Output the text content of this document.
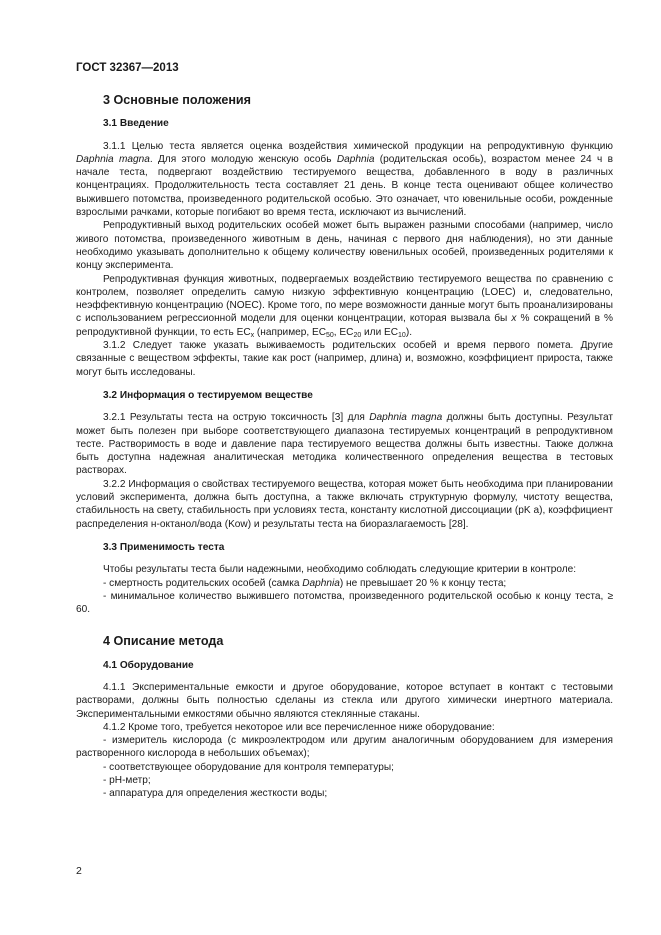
ГОСТ 32367—2013
3 Основные положения
3.1 Введение

3.1.1 Целью теста является оценка воздействия химической продукции на репродуктивную функцию Daphnia magna. Для этого молодую женскую особь Daphnia (родительская особь), возрастом менее 24 ч в начале теста, подвергают воздействию тестируемого вещества, добавленного в воду в различных концентрациях. Продолжительность теста составляет 21 день. В конце теста оценивают общее количество выжившего потомства, произведенного родительской особью. Это означает, что ювенильные особи, рожденные взрослыми рачками, которые погибают во время теста, исключают из вычислений.

Репродуктивный выход родительских особей может быть выражен разными способами (например, число живого потомства, произведенного животным в день, начиная с первого дня наблюдения), но эти данные необходимо указывать дополнительно к общему количеству ювенильных особей, произведенных родителями к концу эксперимента.

Репродуктивная функция животных, подвергаемых воздействию тестируемого вещества по сравнению с контролем, позволяет определить самую низкую эффективную концентрацию (LOEC) и, следовательно, неэффективную концентрацию (NOEC). Кроме того, по мере возможности данные могут быть проанализированы с использованием регрессионной модели для оценки концентрации, которая вызвала бы х % сокращений в % репродуктивной функции, то есть $EC_x$ (например, $EC_{50}$, $EC_{20}$ или $EC_{10}$).

3.1.2 Следует также указать выживаемость родительских особей и время первого помета. Другие связанные с веществом эффекты, такие как рост (например, длина) и, возможно, коэффициент прироста, также могут быть исследованы.

3.2 Информация о тестируемом веществе

3.2.1 Результаты теста на острую токсичность [3] для Daphnia magna должны быть доступны. Результат может быть полезен при выборе соответствующего диапазона тестируемых концентраций в репродуктивном тесте. Растворимость в воде и давление пара тестируемого вещества должны быть известны. Также должна быть доступна надежная аналитическая методика количественного определения вещества в тестовых растворах.

3.2.2 Информация о свойствах тестируемого вещества, которая может быть необходима при планировании условий эксперимента, должна быть доступна, а также включать структурную формулу, чистоту вещества, стабильность на свету, стабильность при условиях теста, константу кислотной диссоциации (pK a), коэффициент распределения н-октанол/вода (Kow) и результаты теста на биоразлагаемость [28].

3.3 Применимость теста

Чтобы результаты теста были надежными, необходимо соблюдать следующие критерии в контроле:

- смертность родительских особей (самка Daphnia) не превышает 20 % к концу теста;

- минимальное количество выжившего потомства, произведенного родительской особью к концу теста, ≥ 60.

4 Описание метода
4.1 Оборудование

4.1.1 Экспериментальные емкости и другое оборудование, которое вступает в контакт с тестовыми растворами, должны быть полностью сделаны из стекла или другого химически инертного материала. Экспериментальными емкостями обычно являются стеклянные стаканы.

4.1.2 Кроме того, требуется некоторое или все перечисленное ниже оборудование:

- измеритель кислорода (с микроэлектродом или другим аналогичным оборудованием для измерения растворенного кислорода в небольших объемах);

- соответствующее оборудование для контроля температуры;

- pH-метр;

- аппаратура для определения жесткости воды;

2
